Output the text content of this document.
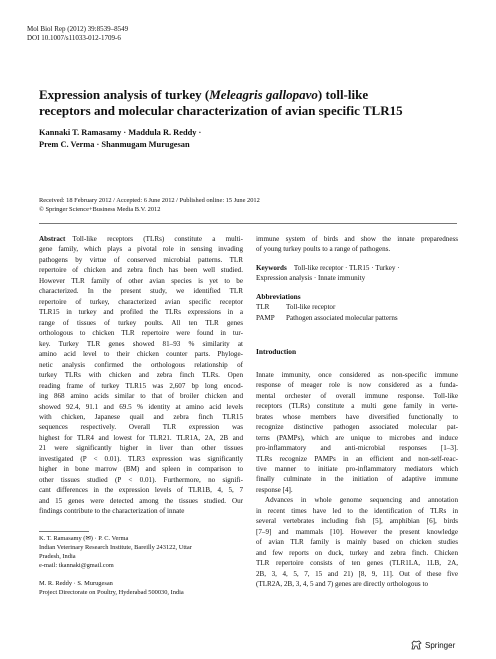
Mol Biol Rep (2012) 39:8539–8549
DOI 10.1007/s11033-012-1709-6
Expression analysis of turkey (Meleagris gallopavo) toll-like
receptors and molecular characterization of avian specific TLR15
Kannaki T. Ramasamy · Maddula R. Reddy ·
Prem C. Verma · Shanmugam Murugesan
Received: 18 February 2012 / Accepted: 6 June 2012 / Published online: 15 June 2012
© Springer Science+Business Media B.V. 2012
Abstract  Toll-like receptors (TLRs) constitute a multi-
gene family, which plays a pivotal role in sensing invading
pathogens by virtue of conserved microbial patterns. TLR
repertoire of chicken and zebra finch has been well studied.
However TLR family of other avian species is yet to be
characterized. In the present study, we identified TLR
repertoire of turkey, characterized avian specific receptor
TLR15 in turkey and profiled the TLRs expressions in a
range of tissues of turkey poults. All ten TLR genes
orthologous to chicken TLR repertoire were found in tur-
key. Turkey TLR genes showed 81–93 % similarity at
amino acid level to their chicken counter parts. Phyloge-
netic analysis confirmed the orthologous relationship of
turkey TLRs with chicken and zebra finch TLRs. Open
reading frame of turkey TLR15 was 2,607 bp long encod-
ing 868 amino acids similar to that of broiler chicken and
showed 92.4, 91.1 and 69.5 % identity at amino acid levels
with chicken, Japanese quail and zebra finch TLR15
sequences respectively. Overall TLR expression was
highest for TLR4 and lowest for TLR21. TLR1A, 2A, 2B and
21 were significantly higher in liver than other tissues
investigated (P < 0.01). TLR3 expression was significantly
higher in bone marrow (BM) and spleen in comparison to
other tissues studied (P < 0.01). Furthermore, no signifi-
cant differences in the expression levels of TLR1B, 4, 5, 7
and 15 genes were detected among the tissues studied. Our
findings contribute to the characterization of innate
K. T. Ramasamy (✉) · P. C. Verma
Indian Veterinary Research Institute, Bareilly 243122, Uttar
Pradesh, India
e-mail: tkannaki@gmail.com
M. R. Reddy · S. Murugesan
Project Directorate on Poultry, Hyderabad 500030, India
immune system of birds and show the innate preparedness
of young turkey poults to a range of pathogens.
Keywords Toll-like receptor · TLR15 · Turkey ·
Expression analysis · Innate immunity
Abbreviations
TLR Toll-like receptor
PAMP Pathogen associated molecular patterns
Introduction
Innate immunity, once considered as non-specific immune
response of meager role is now considered as a funda-
mental orchester of overall immune response. Toll-like
receptors (TLRs) constitute a multi gene family in verte-
brates whose members have diversified functionally to
recognize distinctive pathogen associated molecular pat-
terns (PAMPs), which are unique to microbes and induce
pro-inflammatory and anti-microbial responses [1–3].
TLRs recognize PAMPs in an efficient and non-self-reac-
tive manner to initiate pro-inflammatory mediators which
finally culminate in the initiation of adaptive immune
response [4].
Advances in whole genome sequencing and annotation
in recent times have led to the identification of TLRs in
several vertebrates including fish [5], amphibian [6], birds
[7–9] and mammals [10]. However the present knowledge
of avian TLR family is mainly based on chicken studies
and few reports on duck, turkey and zebra finch. Chicken
TLR repertoire consists of ten genes (TLR1LA, 1LB, 2A,
2B, 3, 4, 5, 7, 15 and 21) [8, 9, 11]. Out of these five
(TLR2A, 2B, 3, 4, 5 and 7) genes are directly orthologous to
Springer
